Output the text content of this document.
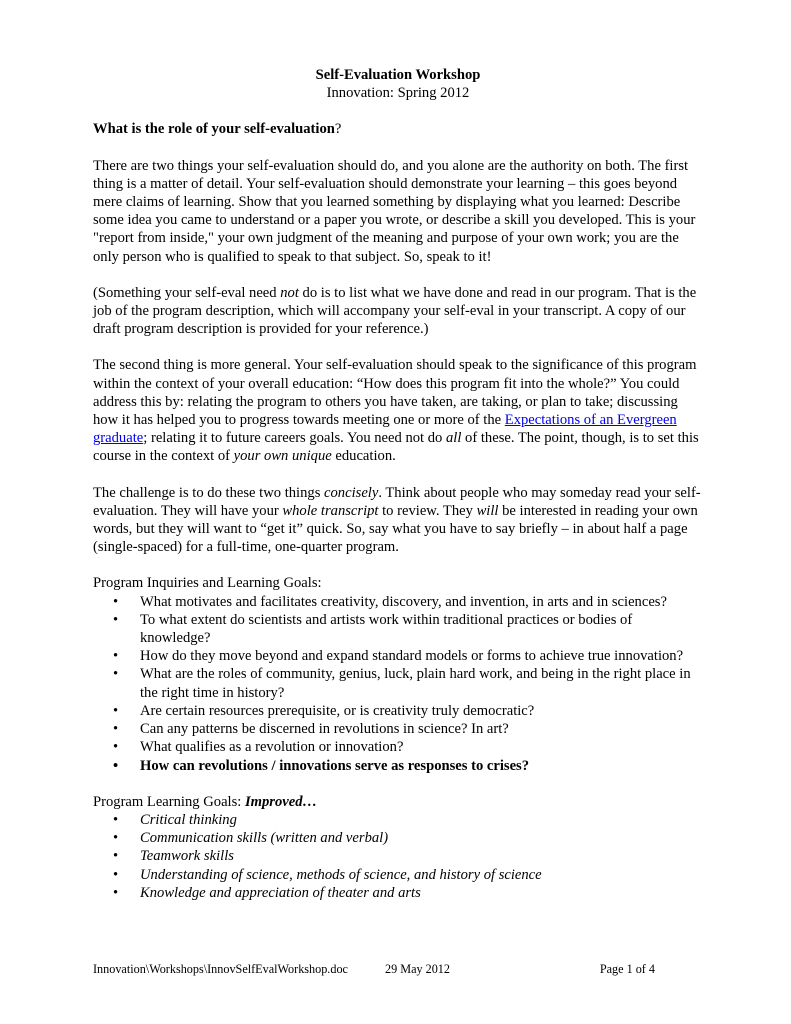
Self-Evaluation Workshop
Innovation: Spring 2012
What is the role of your self-evaluation?

There are two things your self-evaluation should do, and you alone are the authority on both. The first thing is a matter of detail. Your self-evaluation should demonstrate your learning – this goes beyond mere claims of learning. Show that you learned something by displaying what you learned: Describe some idea you came to understand or a paper you wrote, or describe a skill you developed. This is your "report from inside," your own judgment of the meaning and purpose of your own work; you are the only person who is qualified to speak to that subject. So, speak to it!

(Something your self-eval need not do is to list what we have done and read in our program. That is the job of the program description, which will accompany your self-eval in your transcript. A copy of our draft program description is provided for your reference.)

The second thing is more general. Your self-evaluation should speak to the significance of this program within the context of your overall education: “How does this program fit into the whole?” You could address this by: relating the program to others you have taken, are taking, or plan to take; discussing how it has helped you to progress towards meeting one or more of the Expectations of an Evergreen graduate; relating it to future careers goals. You need not do all of these. The point, though, is to set this course in the context of your own unique education.

The challenge is to do these two things concisely. Think about people who may someday read your self-evaluation. They will have your whole transcript to review. They will be interested in reading your own words, but they will want to “get it” quick. So, say what you have to say briefly – in about half a page (single-spaced) for a full-time, one-quarter program.

Program Inquiries and Learning Goals:

• What motivates and facilitates creativity, discovery, and invention, in arts and in sciences?
• To what extent do scientists and artists work within traditional practices or bodies of knowledge?
• How do they move beyond and expand standard models or forms to achieve true innovation?
• What are the roles of community, genius, luck, plain hard work, and being in the right place in the right time in history?
• Are certain resources prerequisite, or is creativity truly democratic?
• Can any patterns be discerned in revolutions in science? In art?
• What qualifies as a revolution or innovation?
• How can revolutions / innovations serve as responses to crises?

Program Learning Goals: Improved…

• Critical thinking
• Communication skills (written and verbal)
• Teamwork skills
• Understanding of science, methods of science, and history of science
• Knowledge and appreciation of theater and arts
Innovation\Workshops\InnovSelfEvalWorkshop.doc	29 May 2012	Page 1 of 4
